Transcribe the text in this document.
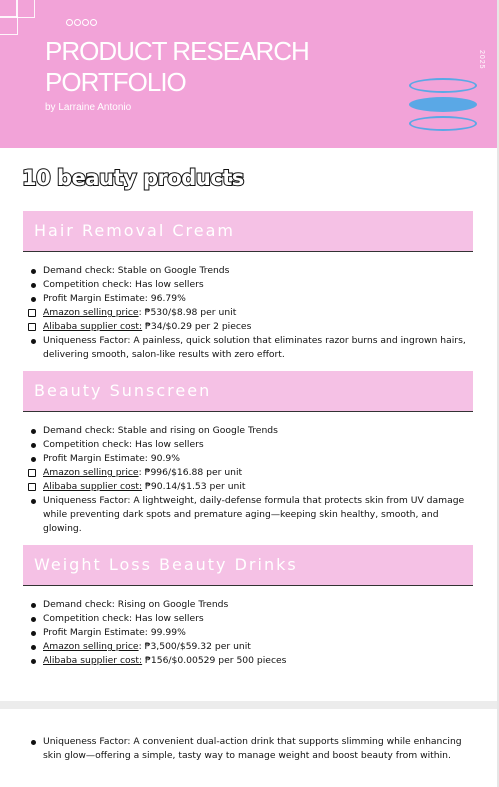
PRODUCT RESEARCH PORTFOLIO

by Larraine Antonio

2025
10 beauty products
Hair Removal Cream
Demand check: Stable on Google Trends
Competition check: Has low sellers
Profit Margin Estimate: 96.79%
Amazon selling price: ₱530/$8.98 per unit
Alibaba supplier cost: ₱34/$0.29 per 2 pieces
Uniqueness Factor: A painless, quick solution that eliminates razor burns and ingrown hairs, delivering smooth, salon-like results with zero effort.
Beauty Sunscreen
Demand check: Stable and rising on Google Trends
Competition check: Has low sellers
Profit Margin Estimate: 90.9%
Amazon selling price: ₱996/$16.88 per unit
Alibaba supplier cost: ₱90.14/$1.53 per unit
Uniqueness Factor: A lightweight, daily-defense formula that protects skin from UV damage while preventing dark spots and premature aging—keeping skin healthy, smooth, and glowing.
Weight Loss Beauty Drinks
Demand check: Rising on Google Trends
Competition check: Has low sellers
Profit Margin Estimate: 99.99%
Amazon selling price: ₱3,500/$59.32 per unit
Alibaba supplier cost: ₱156/$0.00529 per 500 pieces
Uniqueness Factor: A convenient dual-action drink that supports slimming while enhancing skin glow—offering a simple, tasty way to manage weight and boost beauty from within.
